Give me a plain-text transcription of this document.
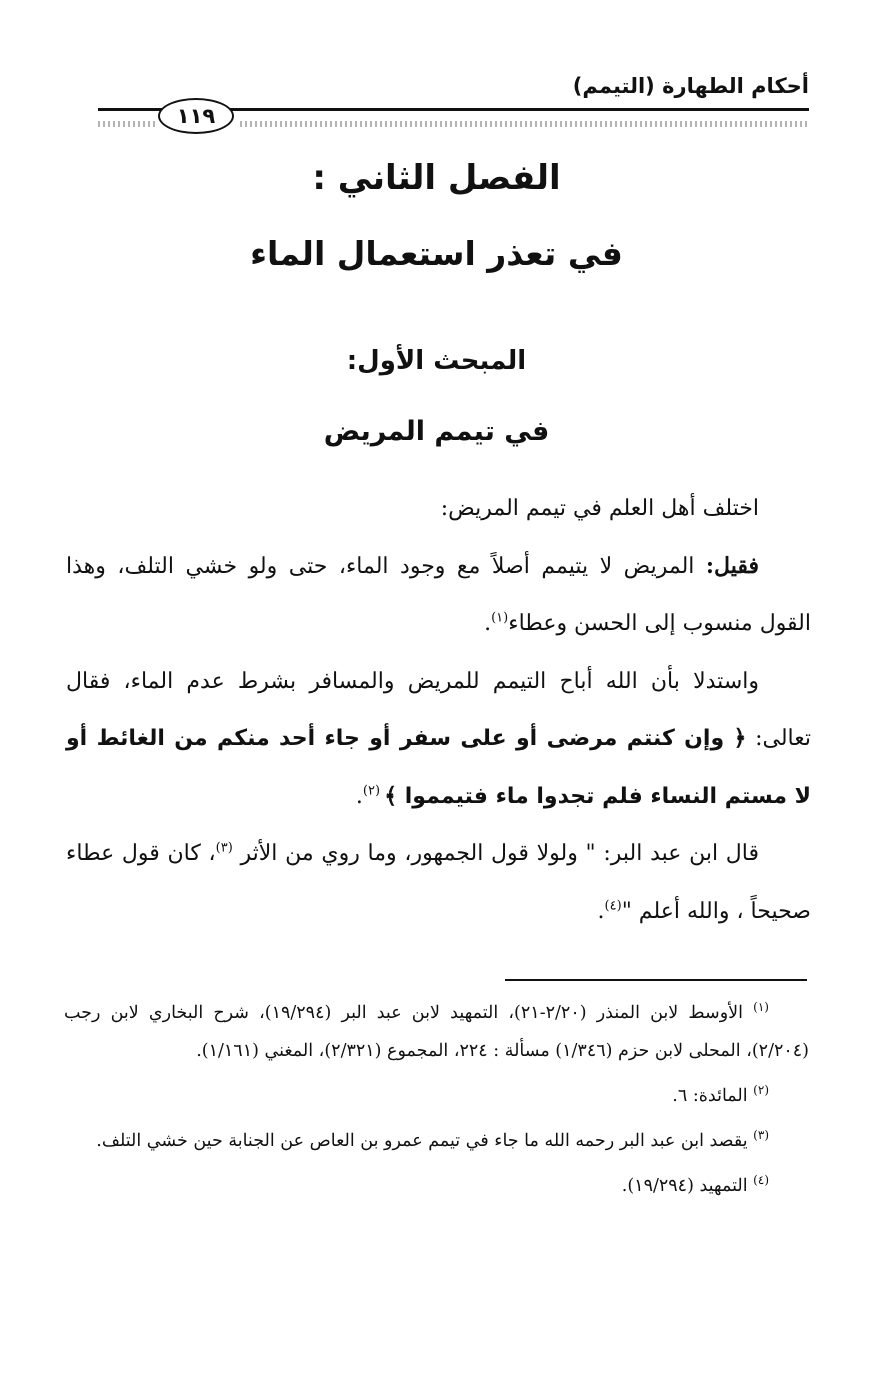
أحكام الطهارة (التيمم)
١١٩
الفصل الثاني :
في تعذر استعمال الماء
المبحث الأول:
في تيمم المريض

اختلف أهل العلم في تيمم المريض:

فقيل: المريض لا يتيمم أصلاً مع وجود الماء، حتى ولو خشي التلف، وهذا القول منسوب إلى الحسن وعطاء$^{(١)}$.

واستدلا بأن الله أباح التيمم للمريض والمسافر بشرط عدم الماء، فقال تعالى: ﴿ وإن كنتم مرضى أو على سفر أو جاء أحد منكم من الغائط أو لا مستم النساء فلم تجدوا ماء فتيمموا ﴾ $^{(٢)}$.

قال ابن عبد البر: " ولولا قول الجمهور، وما روي من الأثر $^{(٣)}$، كان قول عطاء صحيحاً ، والله أعلم "$^{(٤)}$.

$^{(١)}$ الأوسط لابن المنذر (٢/٢٠-٢١)، التمهيد لابن عبد البر (١٩/٢٩٤)، شرح البخاري لابن رجب (٢/٢٠٤)، المحلى لابن حزم (١/٣٤٦) مسألة : ٢٢٤، المجموع (٢/٣٢١)، المغني (١/١٦١).

$^{(٢)}$ المائدة: ٦.

$^{(٣)}$ يقصد ابن عبد البر رحمه الله ما جاء في تيمم عمرو بن العاص عن الجنابة حين خشي التلف.

$^{(٤)}$ التمهيد (١٩/٢٩٤).
